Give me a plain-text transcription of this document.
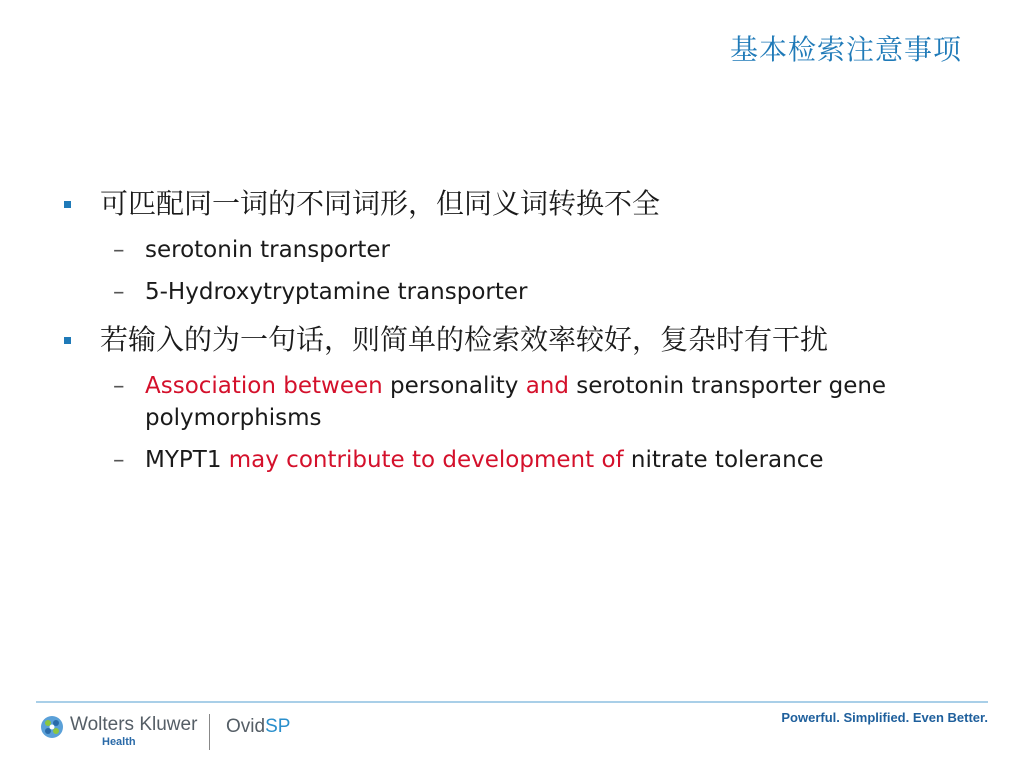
基本检索注意事项
可匹配同一词的不同词形，但同义词转换不全
– serotonin transporter
– 5-Hydroxytryptamine transporter
若输入的为一句话，则简单的检索效率较好，复杂时有干扰
– Association between personality and serotonin transporter gene polymorphisms
– MYPT1 may contribute to development of nitrate tolerance
Wolters Kluwer
Health
OvidSP	Powerful. Simplified. Even Better.
